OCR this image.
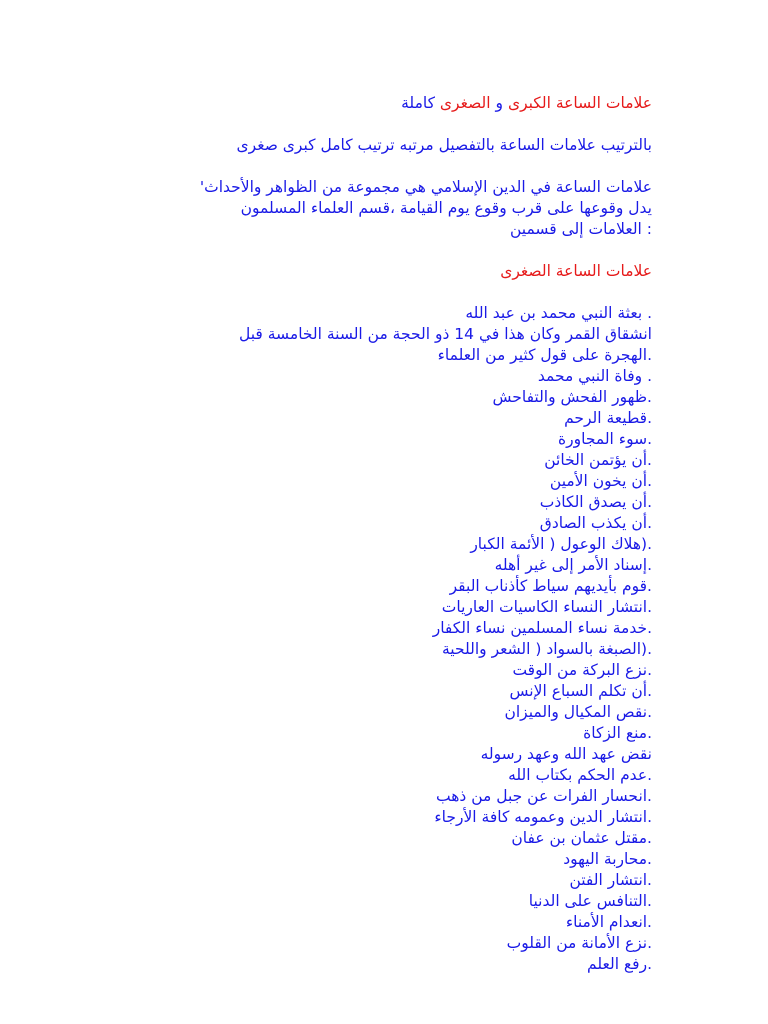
علامات الساعة الكبرى و الصغرى كاملة
بالترتيب علامات الساعة بالتفصيل مرتبه ترتيب كامل كبرى صغرى
علامات الساعة في الدين الإسلامي هي مجموعة من الظواهر والأحداث'
يدل وقوعها على قرب وقوع يوم القيامة ،قسم العلماء المسلمون
: العلامات إلى قسمين
علامات الساعة الصغرى
. بعثة النبي محمد بن عبد الله
انشقاق القمر وكان هذا في 14 ذو الحجة من السنة الخامسة قبل
.الهجرة على قول كثير من العلماء
. وفاة النبي محمد
.ظهور الفحش والتفاحش
.قطيعة الرحم
.سوء المجاورة
.أن يؤتمن الخائن
.أن يخون الأمين
.أن يصدق الكاذب
.أن يكذب الصادق
.(هلاك الوعول ( الأئمة الكبار
.إسناد الأمر إلى غير أهله
.قوم بأيديهم سياط كأذناب البقر
.انتشار النساء الكاسيات العاريات
.خدمة نساء المسلمين نساء الكفار
.(الصبغة بالسواد ( الشعر واللحية
.نزع البركة من الوقت
.أن تكلم السباع الإنس
.نقص المكيال والميزان
.منع الزكاة
نقض عهد الله وعهد رسوله
.عدم الحكم بكتاب الله
.انحسار الفرات عن جبل من ذهب
.انتشار الدين وعمومه كافة الأرجاء
.مقتل عثمان بن عفان
.محاربة اليهود
.انتشار الفتن
.التنافس على الدنيا
.انعدام الأمناء
.نزع الأمانة من القلوب
.رفع العلم
